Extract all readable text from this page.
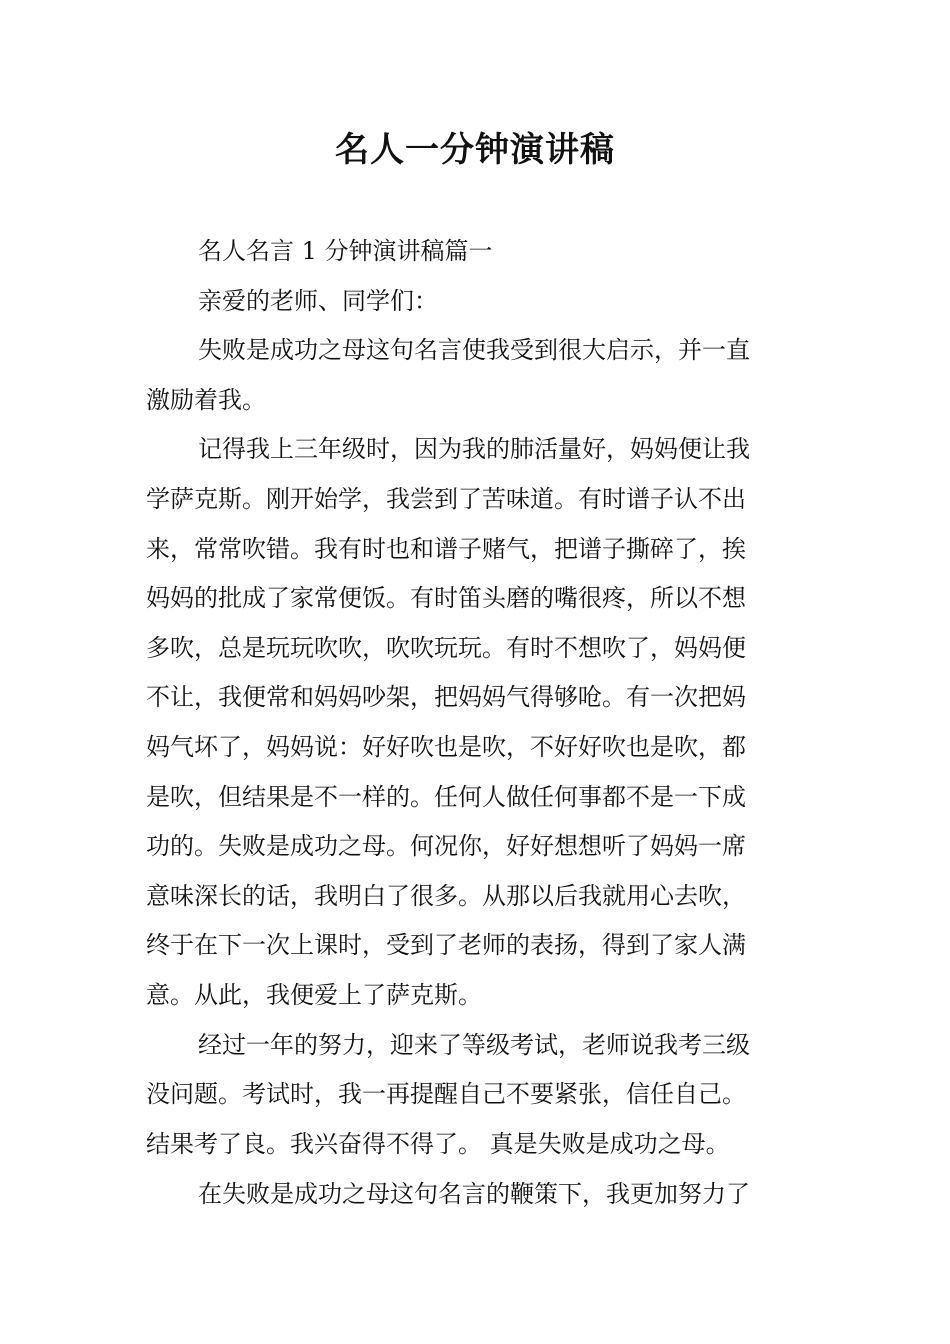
名人一分钟演讲稿
名人名言 1 分钟演讲稿篇一
亲爱的老师、同学们：
失败是成功之母这句名言使我受到很大启示，并一直
激励着我。
记得我上三年级时，因为我的肺活量好，妈妈便让我
学萨克斯。刚开始学，我尝到了苦味道。有时谱子认不出
来，常常吹错。我有时也和谱子赌气，把谱子撕碎了，挨
妈妈的批成了家常便饭。有时笛头磨的嘴很疼，所以不想
多吹，总是玩玩吹吹，吹吹玩玩。有时不想吹了，妈妈便
不让，我便常和妈妈吵架，把妈妈气得够呛。有一次把妈
妈气坏了，妈妈说：好好吹也是吹，不好好吹也是吹，都
是吹，但结果是不一样的。任何人做任何事都不是一下成
功的。失败是成功之母。何况你，好好想想听了妈妈一席
意味深长的话，我明白了很多。从那以后我就用心去吹，
终于在下一次上课时，受到了老师的表扬，得到了家人满
意。从此，我便爱上了萨克斯。
经过一年的努力，迎来了等级考试，老师说我考三级
没问题。考试时，我一再提醒自己不要紧张，信任自己。
结果考了良。我兴奋得不得了。 真是失败是成功之母。
在失败是成功之母这句名言的鞭策下，我更加努力了
